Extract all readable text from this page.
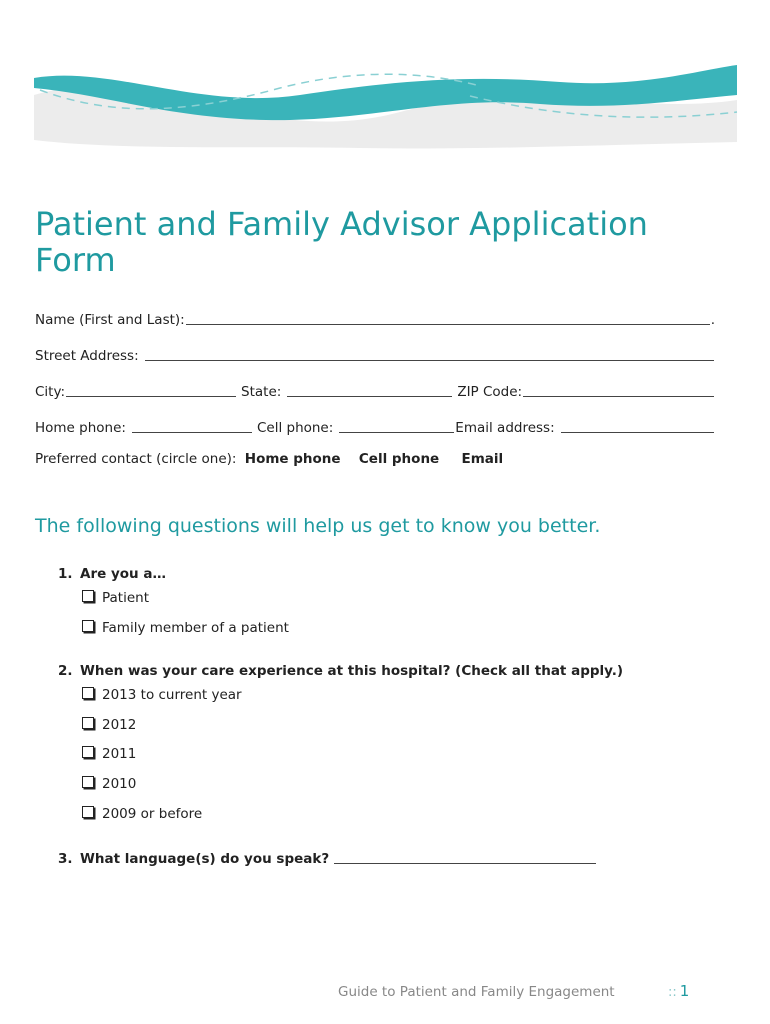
Patient and Family Advisor Application Form
Name (First and Last):	.
Street Address:
City:	State:	ZIP Code:
Home phone:	Cell phone:	Email address:
Preferred contact (circle one): Home phone Cell phone Email
The following questions will help us get to know you better.
1. Are you a…
Patient
Family member of a patient
2. When was your care experience at this hospital? (Check all that apply.)
2013 to current year
2012
2011
2010
2009 or before
3. What language(s) do you speak?
Guide to Patient and Family Engagement	:: 1
